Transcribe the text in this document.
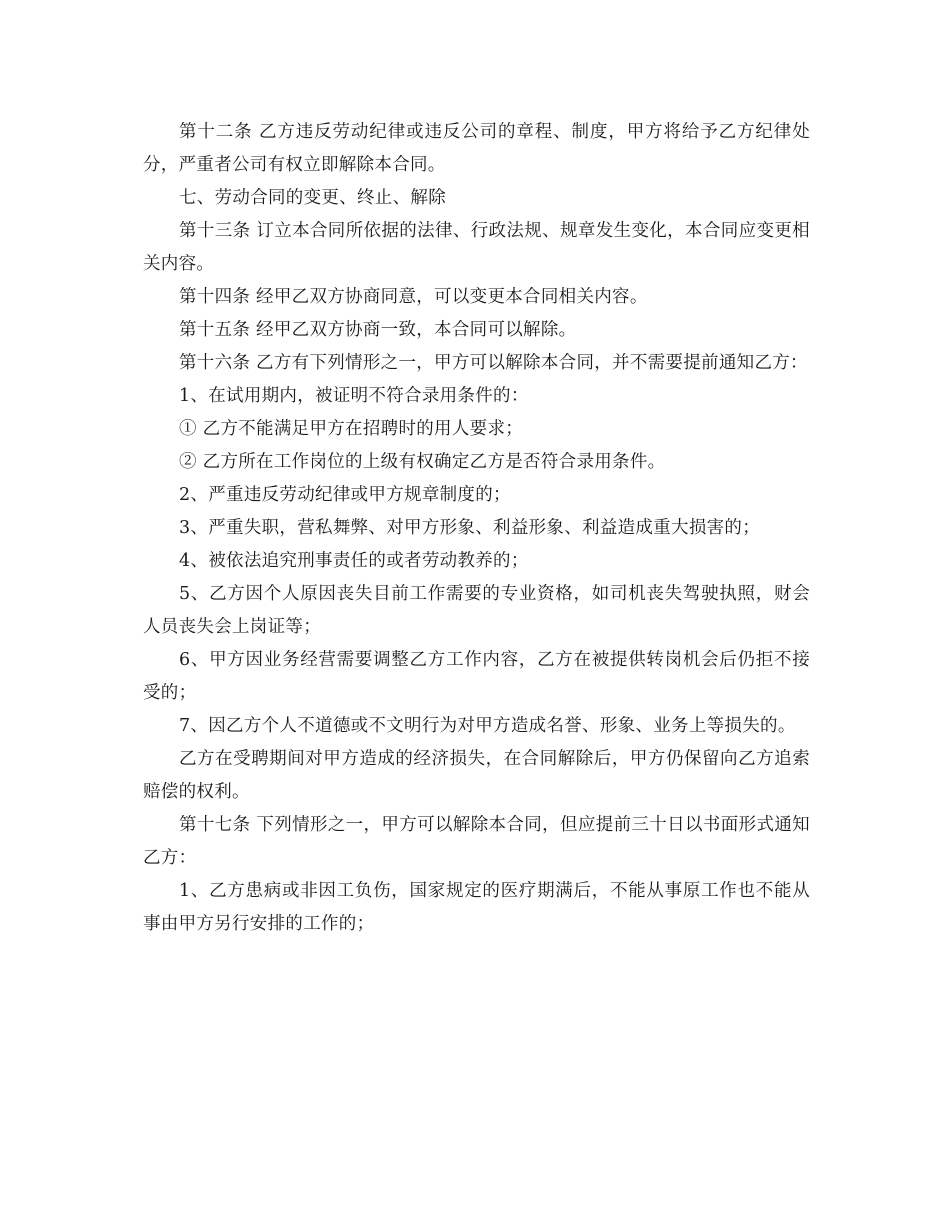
第十二条 乙方违反劳动纪律或违反公司的章程、制度，甲方将给予乙方纪律处分，严重者公司有权立即解除本合同。

七、劳动合同的变更、终止、解除

第十三条 订立本合同所依据的法律、行政法规、规章发生变化，本合同应变更相关内容。

第十四条 经甲乙双方协商同意，可以变更本合同相关内容。

第十五条 经甲乙双方协商一致，本合同可以解除。

第十六条 乙方有下列情形之一，甲方可以解除本合同，并不需要提前通知乙方：

1、在试用期内，被证明不符合录用条件的：

① 乙方不能满足甲方在招聘时的用人要求；

② 乙方所在工作岗位的上级有权确定乙方是否符合录用条件。

2、严重违反劳动纪律或甲方规章制度的；

3、严重失职，营私舞弊、对甲方形象、利益形象、利益造成重大损害的；

4、被依法追究刑事责任的或者劳动教养的；

5、乙方因个人原因丧失目前工作需要的专业资格，如司机丧失驾驶执照，财会人员丧失会上岗证等；

6、甲方因业务经营需要调整乙方工作内容，乙方在被提供转岗机会后仍拒不接受的；

7、因乙方个人不道德或不文明行为对甲方造成名誉、形象、业务上等损失的。

乙方在受聘期间对甲方造成的经济损失，在合同解除后，甲方仍保留向乙方追索赔偿的权利。

第十七条 下列情形之一，甲方可以解除本合同，但应提前三十日以书面形式通知乙方：

1、乙方患病或非因工负伤，国家规定的医疗期满后，不能从事原工作也不能从事由甲方另行安排的工作的；
